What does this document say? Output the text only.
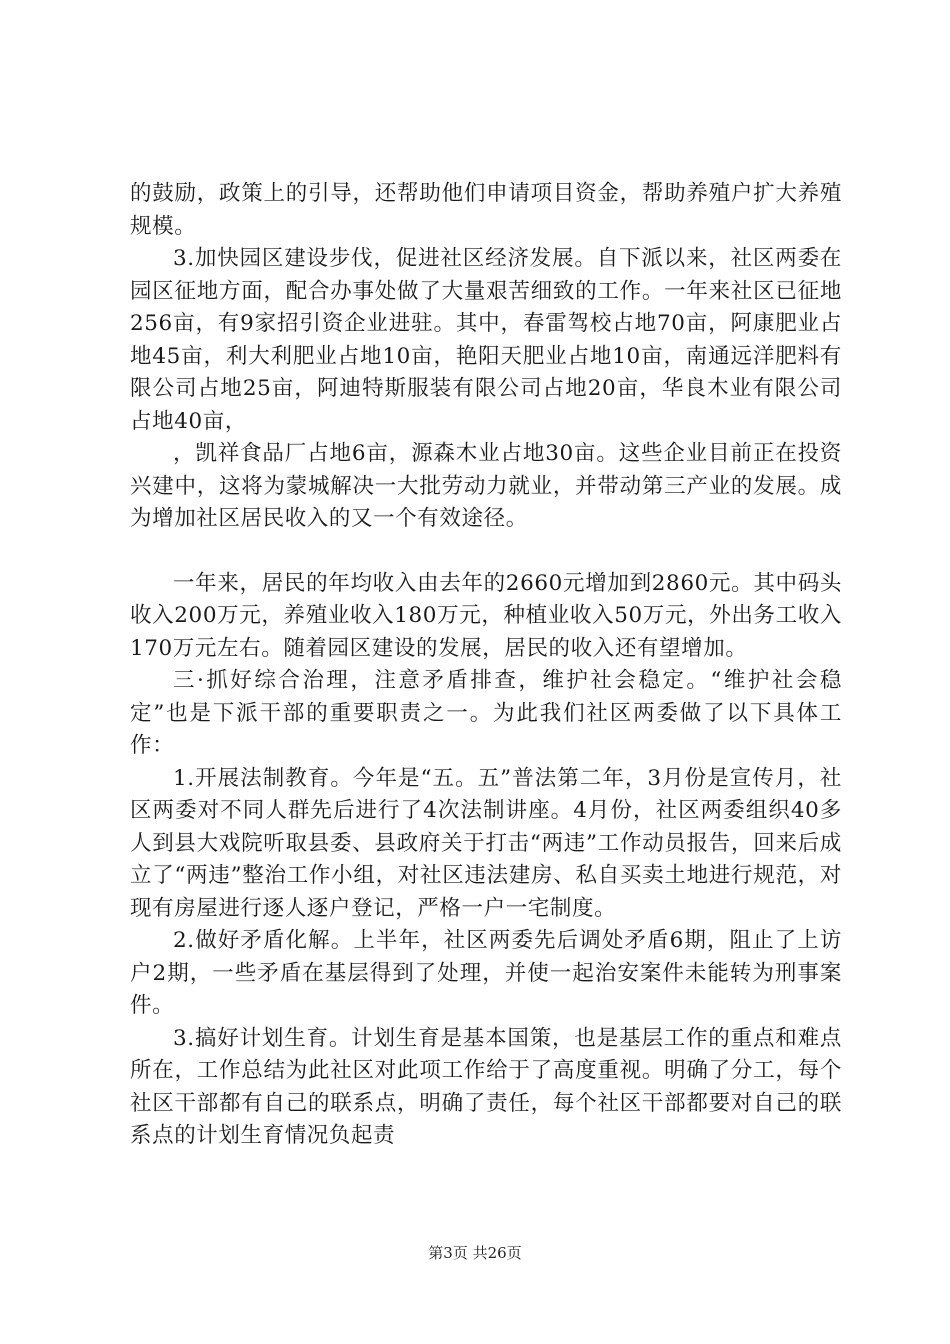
的鼓励，政策上的引导，还帮助他们申请项目资金，帮助养殖户扩大养殖规模。

3.加快园区建设步伐，促进社区经济发展。自下派以来，社区两委在园区征地方面，配合办事处做了大量艰苦细致的工作。一年来社区已征地256亩，有9家招引资企业进驻。其中，春雷驾校占地70亩，阿康肥业占地45亩，利大利肥业占地10亩，艳阳天肥业占地10亩，南通远洋肥料有限公司占地25亩，阿迪特斯服装有限公司占地20亩，华良木业有限公司占地40亩，

，凯祥食品厂占地6亩，源森木业占地30亩。这些企业目前正在投资兴建中，这将为蒙城解决一大批劳动力就业，并带动第三产业的发展。成为增加社区居民收入的又一个有效途径。

一年来，居民的年均收入由去年的2660元增加到2860元。其中码头收入200万元，养殖业收入180万元，种植业收入50万元，外出务工收入170万元左右。随着园区建设的发展，居民的收入还有望增加。

三·抓好综合治理，注意矛盾排查，维护社会稳定。“维护社会稳定”也是下派干部的重要职责之一。为此我们社区两委做了以下具体工作：

1.开展法制教育。今年是“五。五”普法第二年，3月份是宣传月，社区两委对不同人群先后进行了4次法制讲座。4月份，社区两委组织40多人到县大戏院听取县委、县政府关于打击“两违”工作动员报告，回来后成立了“两违”整治工作小组，对社区违法建房、私自买卖土地进行规范，对现有房屋进行逐人逐户登记，严格一户一宅制度。

2.做好矛盾化解。上半年，社区两委先后调处矛盾6期，阻止了上访户2期，一些矛盾在基层得到了处理，并使一起治安案件未能转为刑事案件。

3.搞好计划生育。计划生育是基本国策，也是基层工作的重点和难点所在，工作总结为此社区对此项工作给于了高度重视。明确了分工，每个社区干部都有自己的联系点，明确了责任，每个社区干部都要对自己的联系点的计划生育情况负起责

第3页 共26页
